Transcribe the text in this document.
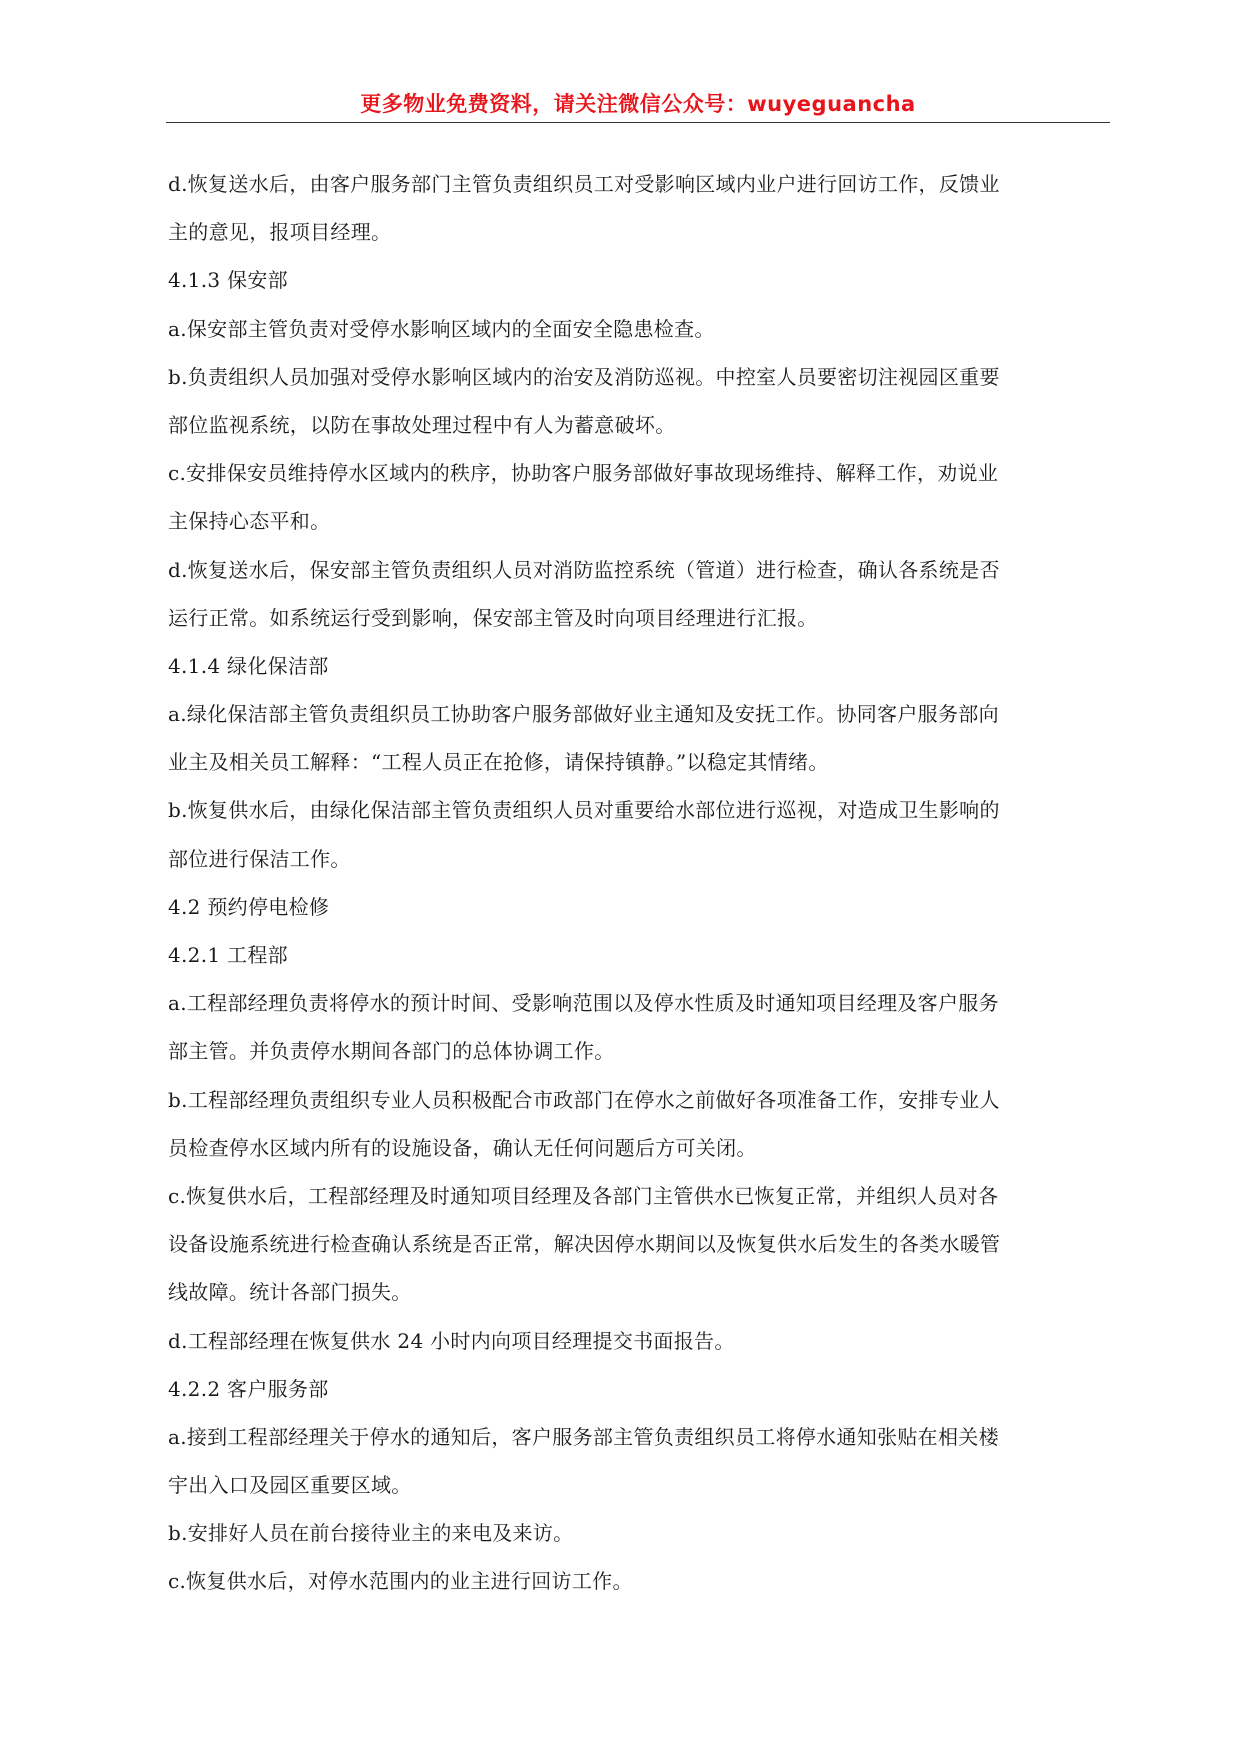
更多物业免费资料，请关注微信公众号：wuyeguancha
d.恢复送水后，由客户服务部门主管负责组织员工对受影响区域内业户进行回访工作，反馈业
主的意见，报项目经理。
4.1.3 保安部
a.保安部主管负责对受停水影响区域内的全面安全隐患检查。
b.负责组织人员加强对受停水影响区域内的治安及消防巡视。中控室人员要密切注视园区重要
部位监视系统，以防在事故处理过程中有人为蓄意破坏。
c.安排保安员维持停水区域内的秩序，协助客户服务部做好事故现场维持、解释工作，劝说业
主保持心态平和。
d.恢复送水后，保安部主管负责组织人员对消防监控系统（管道）进行检查，确认各系统是否
运行正常。如系统运行受到影响，保安部主管及时向项目经理进行汇报。
4.1.4 绿化保洁部
a.绿化保洁部主管负责组织员工协助客户服务部做好业主通知及安抚工作。协同客户服务部向
业主及相关员工解释：“工程人员正在抢修，请保持镇静。”以稳定其情绪。
b.恢复供水后，由绿化保洁部主管负责组织人员对重要给水部位进行巡视，对造成卫生影响的
部位进行保洁工作。
4.2 预约停电检修
4.2.1 工程部
a.工程部经理负责将停水的预计时间、受影响范围以及停水性质及时通知项目经理及客户服务
部主管。并负责停水期间各部门的总体协调工作。
b.工程部经理负责组织专业人员积极配合市政部门在停水之前做好各项准备工作，安排专业人
员检查停水区域内所有的设施设备，确认无任何问题后方可关闭。
c.恢复供水后，工程部经理及时通知项目经理及各部门主管供水已恢复正常，并组织人员对各
设备设施系统进行检查确认系统是否正常，解决因停水期间以及恢复供水后发生的各类水暖管
线故障。统计各部门损失。
d.工程部经理在恢复供水 24 小时内向项目经理提交书面报告。
4.2.2 客户服务部
a.接到工程部经理关于停水的通知后，客户服务部主管负责组织员工将停水通知张贴在相关楼
宇出入口及园区重要区域。
b.安排好人员在前台接待业主的来电及来访。
c.恢复供水后，对停水范围内的业主进行回访工作。
